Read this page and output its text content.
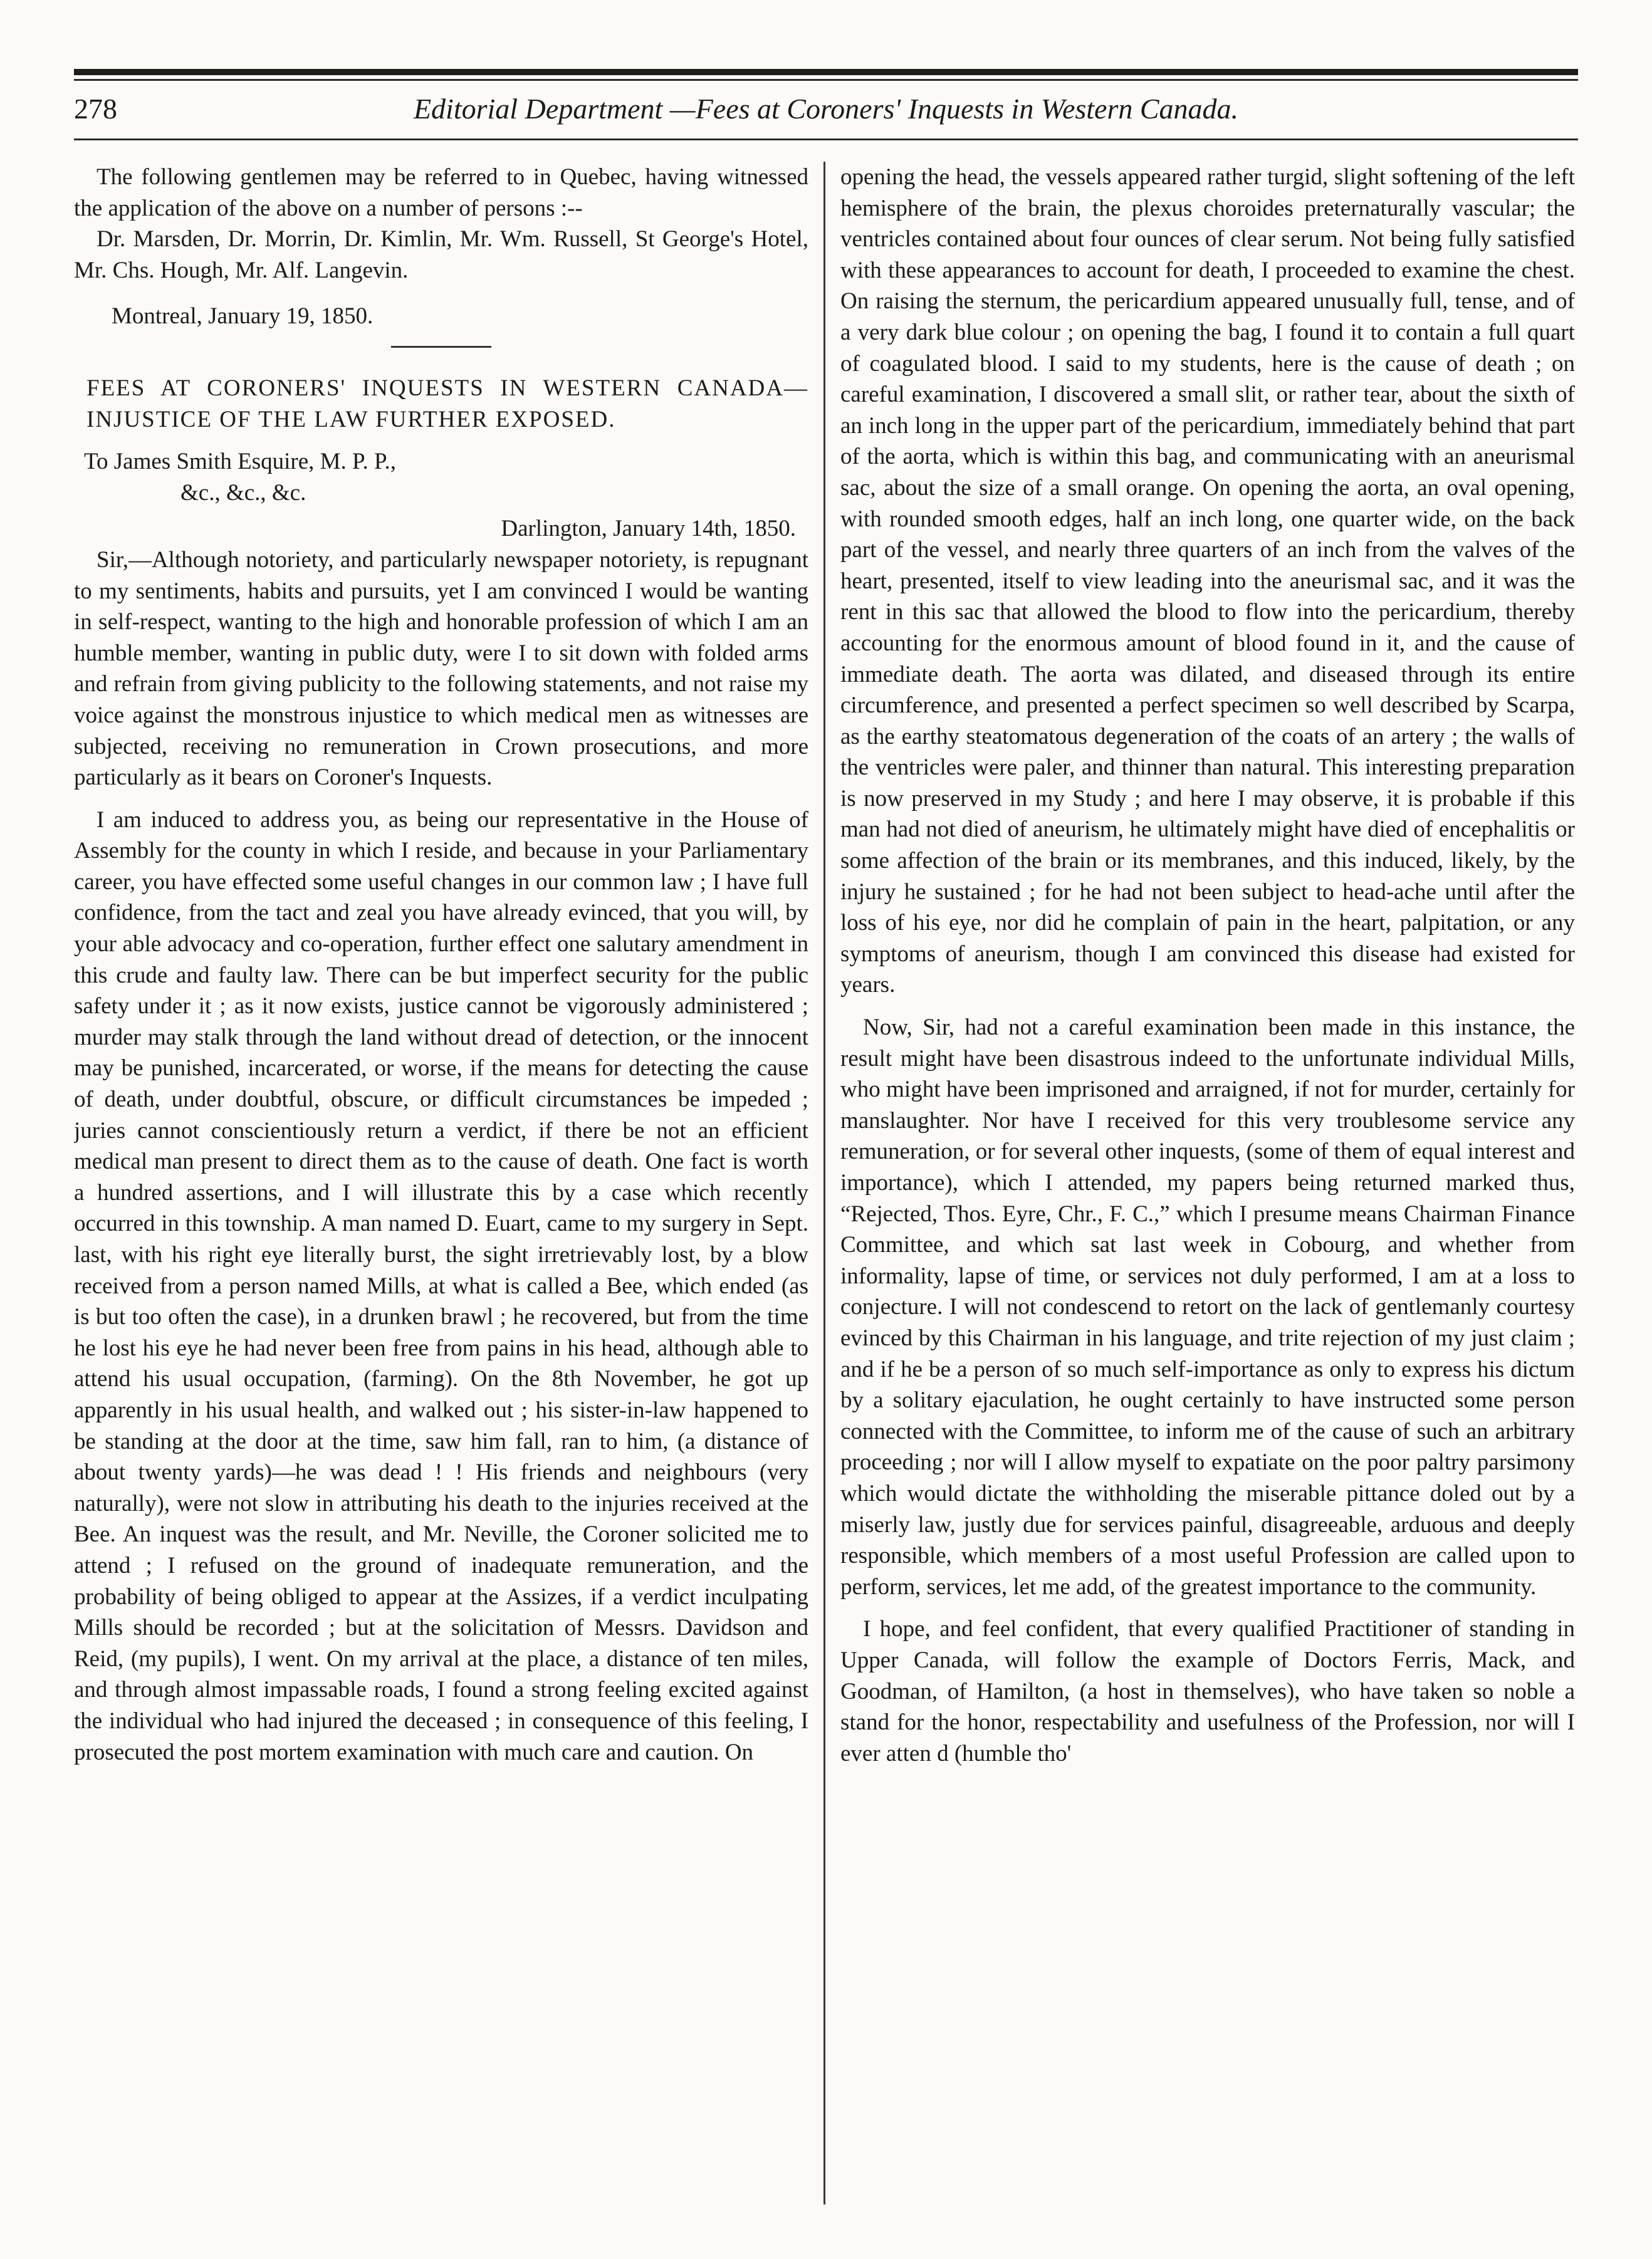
278	Editorial Department —Fees at Coroners' Inquests in Western Canada.

The following gentlemen may be referred to in Quebec, having witnessed the application of the above on a number of persons :--

Dr. Marsden, Dr. Morrin, Dr. Kimlin, Mr. Wm. Russell, St George's Hotel, Mr. Chs. Hough, Mr. Alf. Langevin.

Montreal, January 19, 1850.

FEES AT CORONERS' INQUESTS IN WESTERN CANADA—INJUSTICE OF THE LAW FURTHER EXPOSED.

To James Smith Esquire, M. P. P.,

&c., &c., &c.

Darlington, January 14th, 1850.

Sir,—Although notoriety, and particularly newspaper notoriety, is repugnant to my sentiments, habits and pursuits, yet I am convinced I would be wanting in self-respect, wanting to the high and honorable profession of which I am an humble member, wanting in public duty, were I to sit down with folded arms and refrain from giving publicity to the following statements, and not raise my voice against the monstrous injustice to which medical men as witnesses are subjected, receiving no remuneration in Crown prosecutions, and more particularly as it bears on Coroner's Inquests.

I am induced to address you, as being our representative in the House of Assembly for the county in which I reside, and because in your Parliamentary career, you have effected some useful changes in our common law ; I have full confidence, from the tact and zeal you have already evinced, that you will, by your able advocacy and co-operation, further effect one salutary amendment in this crude and faulty law. There can be but imperfect security for the public safety under it ; as it now exists, justice cannot be vigorously administered ; murder may stalk through the land without dread of detection, or the innocent may be punished, incarcerated, or worse, if the means for detecting the cause of death, under doubtful, obscure, or difficult circumstances be impeded ; juries cannot conscientiously return a verdict, if there be not an efficient medical man present to direct them as to the cause of death. One fact is worth a hundred assertions, and I will illustrate this by a case which recently occurred in this township. A man named D. Euart, came to my surgery in Sept. last, with his right eye literally burst, the sight irretrievably lost, by a blow received from a person named Mills, at what is called a Bee, which ended (as is but too often the case), in a drunken brawl ; he recovered, but from the time he lost his eye he had never been free from pains in his head, although able to attend his usual occupation, (farming). On the 8th November, he got up apparently in his usual health, and walked out ; his sister-in-law happened to be standing at the door at the time, saw him fall, ran to him, (a distance of about twenty yards)—he was dead ! ! His friends and neighbours (very naturally), were not slow in attributing his death to the injuries received at the Bee. An inquest was the result, and Mr. Neville, the Coroner solicited me to attend ; I refused on the ground of inadequate remuneration, and the probability of being obliged to appear at the Assizes, if a verdict inculpating Mills should be recorded ; but at the solicitation of Messrs. Davidson and Reid, (my pupils), I went. On my arrival at the place, a distance of ten miles, and through almost impassable roads, I found a strong feeling excited against the individual who had injured the deceased ; in consequence of this feeling, I prosecuted the post mortem examination with much care and caution. On

opening the head, the vessels appeared rather turgid, slight softening of the left hemisphere of the brain, the plexus choroides preternaturally vascular; the ventricles contained about four ounces of clear serum. Not being fully satisfied with these appearances to account for death, I proceeded to examine the chest. On raising the sternum, the pericardium appeared unusually full, tense, and of a very dark blue colour ; on opening the bag, I found it to contain a full quart of coagulated blood. I said to my students, here is the cause of death ; on careful examination, I discovered a small slit, or rather tear, about the sixth of an inch long in the upper part of the pericardium, immediately behind that part of the aorta, which is within this bag, and communicating with an aneurismal sac, about the size of a small orange. On opening the aorta, an oval opening, with rounded smooth edges, half an inch long, one quarter wide, on the back part of the vessel, and nearly three quarters of an inch from the valves of the heart, presented, itself to view leading into the aneurismal sac, and it was the rent in this sac that allowed the blood to flow into the pericardium, thereby accounting for the enormous amount of blood found in it, and the cause of immediate death. The aorta was dilated, and diseased through its entire circumference, and presented a perfect specimen so well described by Scarpa, as the earthy steatomatous degeneration of the coats of an artery ; the walls of the ventricles were paler, and thinner than natural. This interesting preparation is now preserved in my Study ; and here I may observe, it is probable if this man had not died of aneurism, he ultimately might have died of encephalitis or some affection of the brain or its membranes, and this induced, likely, by the injury he sustained ; for he had not been subject to head-ache until after the loss of his eye, nor did he complain of pain in the heart, palpitation, or any symptoms of aneurism, though I am convinced this disease had existed for years.

Now, Sir, had not a careful examination been made in this instance, the result might have been disastrous indeed to the unfortunate individual Mills, who might have been imprisoned and arraigned, if not for murder, certainly for manslaughter. Nor have I received for this very troublesome service any remuneration, or for several other inquests, (some of them of equal interest and importance), which I attended, my papers being returned marked thus, “Rejected, Thos. Eyre, Chr., F. C.,” which I presume means Chairman Finance Committee, and which sat last week in Cobourg, and whether from informality, lapse of time, or services not duly performed, I am at a loss to conjecture. I will not condescend to retort on the lack of gentlemanly courtesy evinced by this Chairman in his language, and trite rejection of my just claim ; and if he be a person of so much self-importance as only to express his dictum by a solitary ejaculation, he ought certainly to have instructed some person connected with the Committee, to inform me of the cause of such an arbitrary proceeding ; nor will I allow myself to expatiate on the poor paltry parsimony which would dictate the withholding the miserable pittance doled out by a miserly law, justly due for services painful, disagreeable, arduous and deeply responsible, which members of a most useful Profession are called upon to perform, services, let me add, of the greatest importance to the community.

I hope, and feel confident, that every qualified Practitioner of standing in Upper Canada, will follow the example of Doctors Ferris, Mack, and Goodman, of Hamilton, (a host in themselves), who have taken so noble a stand for the honor, respectability and usefulness of the Profession, nor will I ever atten d (humble tho'
